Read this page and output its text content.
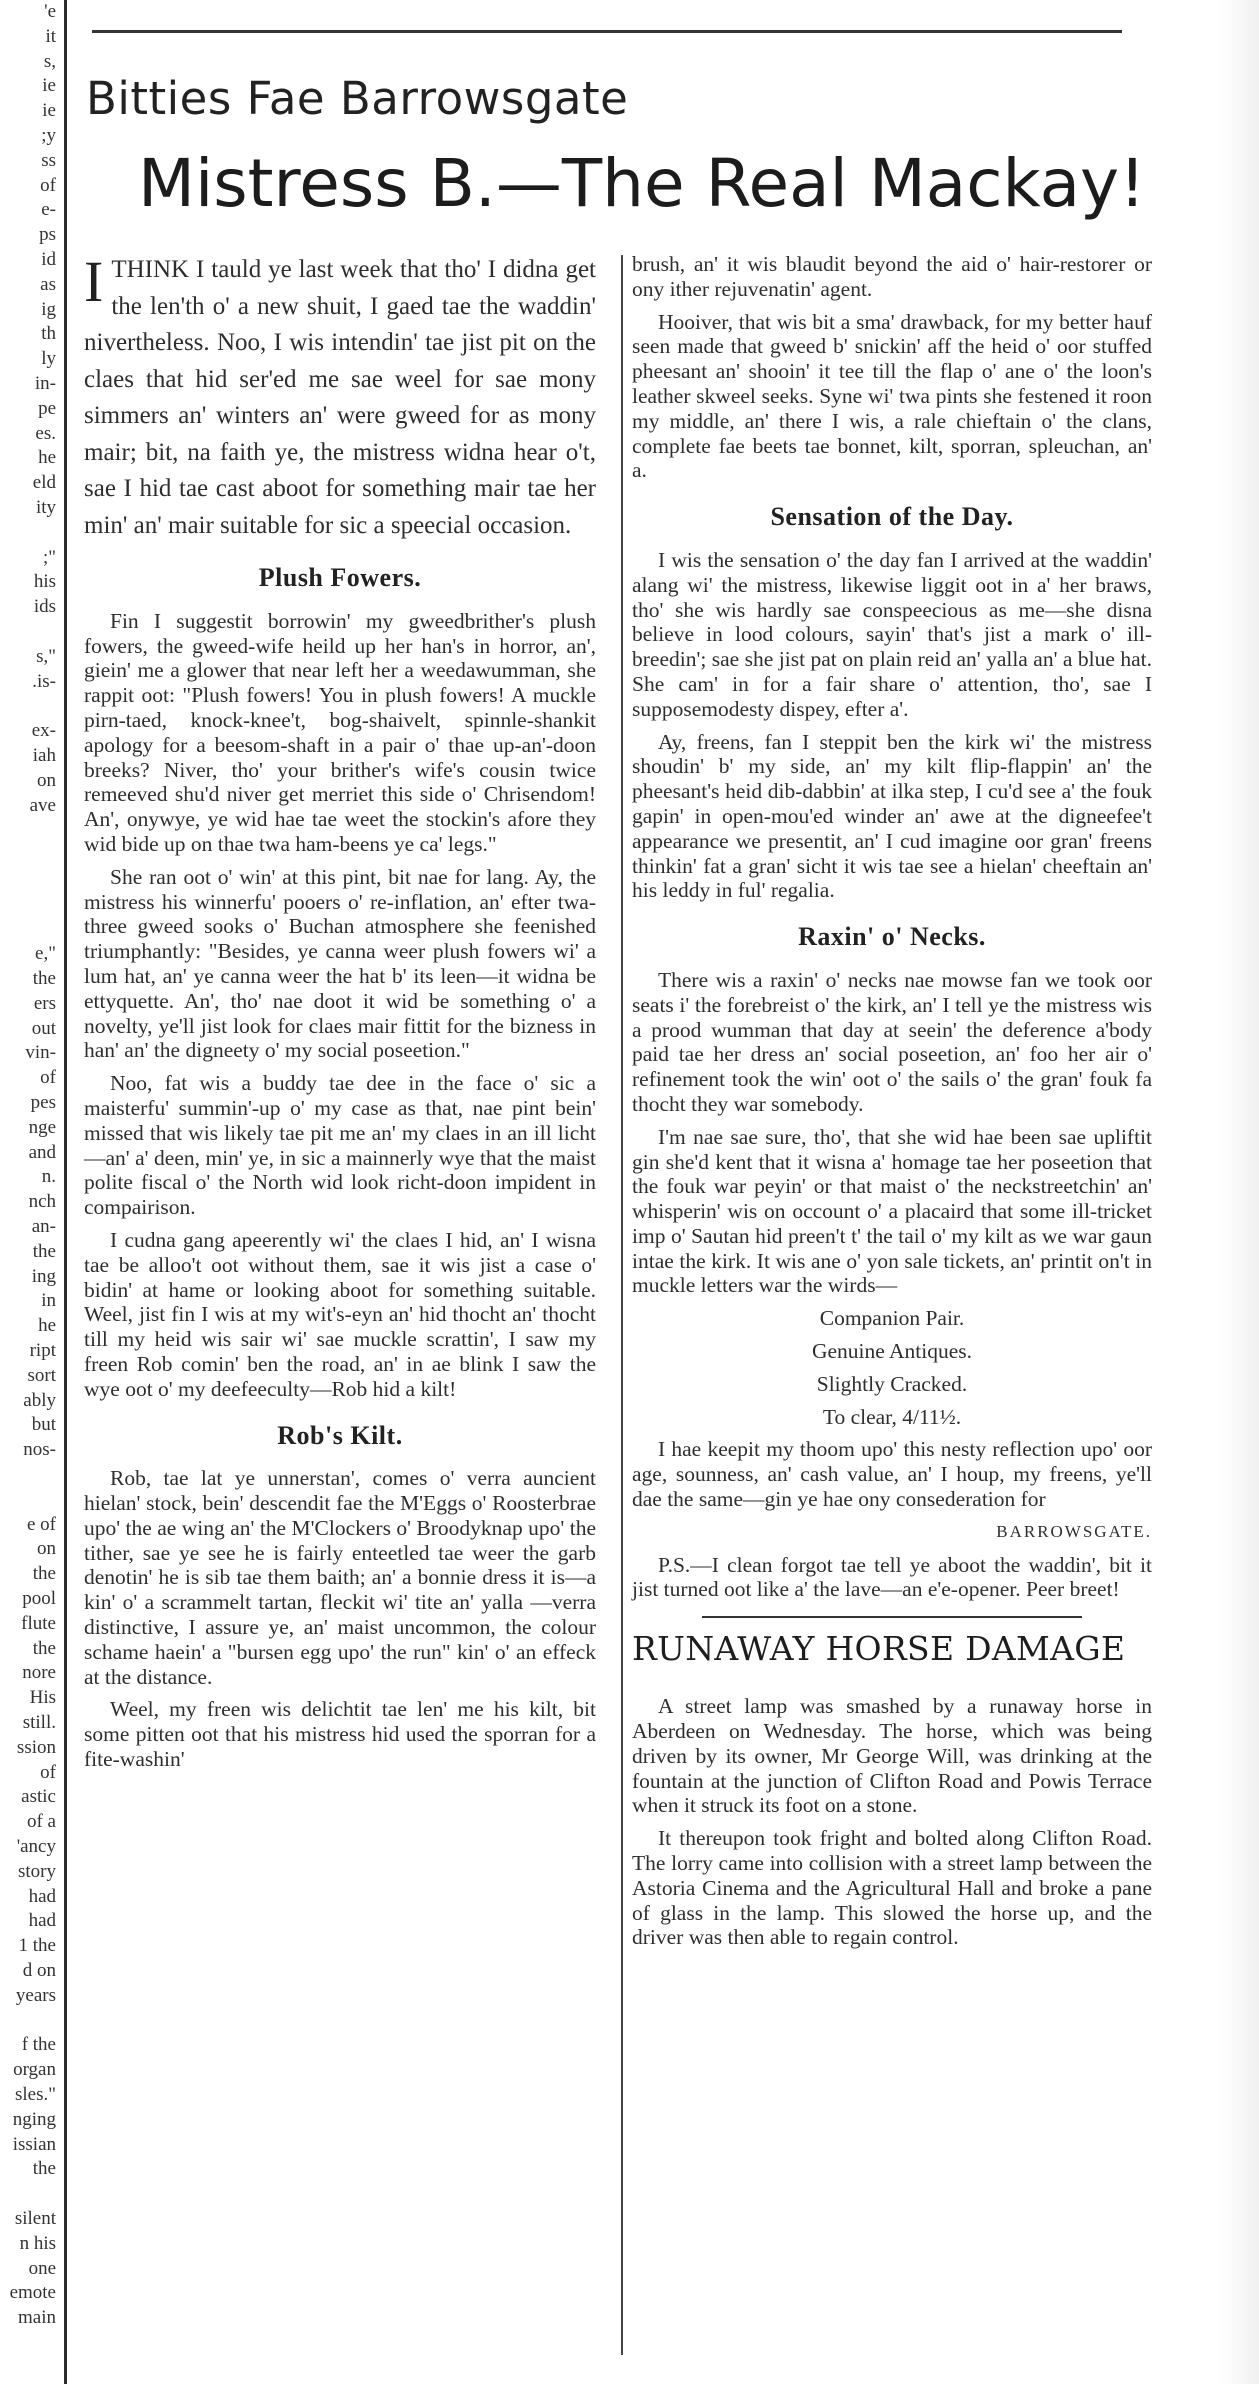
'e
it
s,
ie
ie
;y
ss
of
e-
ps
id
as
ig
th
ly
in-
pe
es.
he
eld
ity

;"
his
ids

s,"
.is-

ex-
iah
on
ave

e,"
the
ers
out
vin-
of
pes
nge
and
n.
nch
an-
the
ing
in
he
ript
sort
ably
but
nos-

e of
on
the
pool
flute
the
nore
His
still.
ssion
of
astic
of a
'ancy
story
had
had
1 the
d on
years

f the
organ
sles."
nging
issian
the

silent
n his
one
emote
main
Bitties Fae Barrowsgate
Mistress B.—The Real Mackay!

ITHINK I tauld ye last week that tho' I didna get the len'th o' a new shuit, I gaed tae the waddin' nivertheless. Noo, I wis intendin' tae jist pit on the claes that hid ser'ed me sae weel for sae mony simmers an' winters an' were gweed for as mony mair; bit, na faith ye, the mistress widna hear o't, sae I hid tae cast aboot for something mair tae her min' an' mair suitable for sic a speecial occasion.

Plush Fowers.

Fin I suggestit borrowin' my gweedbrither's plush fowers, the gweed-wife heild up her han's in horror, an', giein' me a glower that near left her a weedawumman, she rappit oot: "Plush fowers! You in plush fowers! A muckle pirn-taed, knock-knee't, bog-shaivelt, spinnle-shankit apology for a beesom-shaft in a pair o' thae up-an'-doon breeks? Niver, tho' your brither's wife's cousin twice remeeved shu'd niver get merriet this side o' Chrisendom! An', onywye, ye wid hae tae weet the stockin's afore they wid bide up on thae twa ham-beens ye ca' legs."

She ran oot o' win' at this pint, bit nae for lang. Ay, the mistress his winnerfu' pooers o' re-inflation, an' efter twa-three gweed sooks o' Buchan atmosphere she feenished triumphantly: "Besides, ye canna weer plush fowers wi' a lum hat, an' ye canna weer the hat b' its leen—it widna be ettyquette. An', tho' nae doot it wid be something o' a novelty, ye'll jist look for claes mair fittit for the bizness in han' an' the digneety o' my social poseetion."

Noo, fat wis a buddy tae dee in the face o' sic a maisterfu' summin'-up o' my case as that, nae pint bein' missed that wis likely tae pit me an' my claes in an ill licht—an' a' deen, min' ye, in sic a mainnerly wye that the maist polite fiscal o' the North wid look richt-doon impident in compairison.

I cudna gang apeerently wi' the claes I hid, an' I wisna tae be alloo't oot without them, sae it wis jist a case o' bidin' at hame or looking aboot for something suitable. Weel, jist fin I wis at my wit's-eyn an' hid thocht an' thocht till my heid wis sair wi' sae muckle scrattin', I saw my freen Rob comin' ben the road, an' in ae blink I saw the wye oot o' my deefeeculty—Rob hid a kilt!

Rob's Kilt.

Rob, tae lat ye unnerstan', comes o' verra auncient hielan' stock, bein' descendit fae the M'Eggs o' Roosterbrae upo' the ae wing an' the M'Clockers o' Broodyknap upo' the tither, sae ye see he is fairly enteetled tae weer the garb denotin' he is sib tae them baith; an' a bonnie dress it is—a kin' o' a scrammelt tartan, fleckit wi' tite an' yalla —verra distinctive, I assure ye, an' maist uncommon, the colour schame haein' a "bursen egg upo' the run" kin' o' an effeck at the distance.

Weel, my freen wis delichtit tae len' me his kilt, bit some pitten oot that his mistress hid used the sporran for a fite-washin'

brush, an' it wis blaudit beyond the aid o' hair-restorer or ony ither rejuvenatin' agent.

Hooiver, that wis bit a sma' drawback, for my better hauf seen made that gweed b' snickin' aff the heid o' oor stuffed pheesant an' shooin' it tee till the flap o' ane o' the loon's leather skweel seeks. Syne wi' twa pints she festened it roon my middle, an' there I wis, a rale chieftain o' the clans, complete fae beets tae bonnet, kilt, sporran, spleuchan, an' a.

Sensation of the Day.

I wis the sensation o' the day fan I arrived at the waddin' alang wi' the mistress, likewise liggit oot in a' her braws, tho' she wis hardly sae conspeecious as me—she disna believe in lood colours, sayin' that's jist a mark o' ill-breedin'; sae she jist pat on plain reid an' yalla an' a blue hat. She cam' in for a fair share o' attention, tho', sae I supposemodesty dispey, efter a'.

Ay, freens, fan I steppit ben the kirk wi' the mistress shoudin' b' my side, an' my kilt flip-flappin' an' the pheesant's heid dib-dabbin' at ilka step, I cu'd see a' the fouk gapin' in open-mou'ed winder an' awe at the digneefee't appearance we presentit, an' I cud imagine oor gran' freens thinkin' fat a gran' sicht it wis tae see a hielan' cheeftain an' his leddy in ful' regalia.

Raxin' o' Necks.

There wis a raxin' o' necks nae mowse fan we took oor seats i' the forebreist o' the kirk, an' I tell ye the mistress wis a prood wumman that day at seein' the deference a'body paid tae her dress an' social poseetion, an' foo her air o' refinement took the win' oot o' the sails o' the gran' fouk fa thocht they war somebody.

I'm nae sae sure, tho', that she wid hae been sae upliftit gin she'd kent that it wisna a' homage tae her poseetion that the fouk war peyin' or that maist o' the neckstreetchin' an' whisperin' wis on occount o' a placaird that some ill-tricket imp o' Sautan hid preen't t' the tail o' my kilt as we war gaun intae the kirk. It wis ane o' yon sale tickets, an' printit on't in muckle letters war the wirds—

Companion Pair.

Genuine Antiques.

Slightly Cracked.

To clear, 4/11½.

I hae keepit my thoom upo' this nesty reflection upo' oor age, sounness, an' cash value, an' I houp, my freens, ye'll dae the same—gin ye hae ony consederation for

BARROWSGATE.

P.S.—I clean forgot tae tell ye aboot the waddin', bit it jist turned oot like a' the lave—an e'e-opener. Peer breet!

RUNAWAY HORSE DAMAGE

A street lamp was smashed by a runaway horse in Aberdeen on Wednesday. The horse, which was being driven by its owner, Mr George Will, was drinking at the fountain at the junction of Clifton Road and Powis Terrace when it struck its foot on a stone.

It thereupon took fright and bolted along Clifton Road. The lorry came into collision with a street lamp between the Astoria Cinema and the Agricultural Hall and broke a pane of glass in the lamp. This slowed the horse up, and the driver was then able to regain control.
